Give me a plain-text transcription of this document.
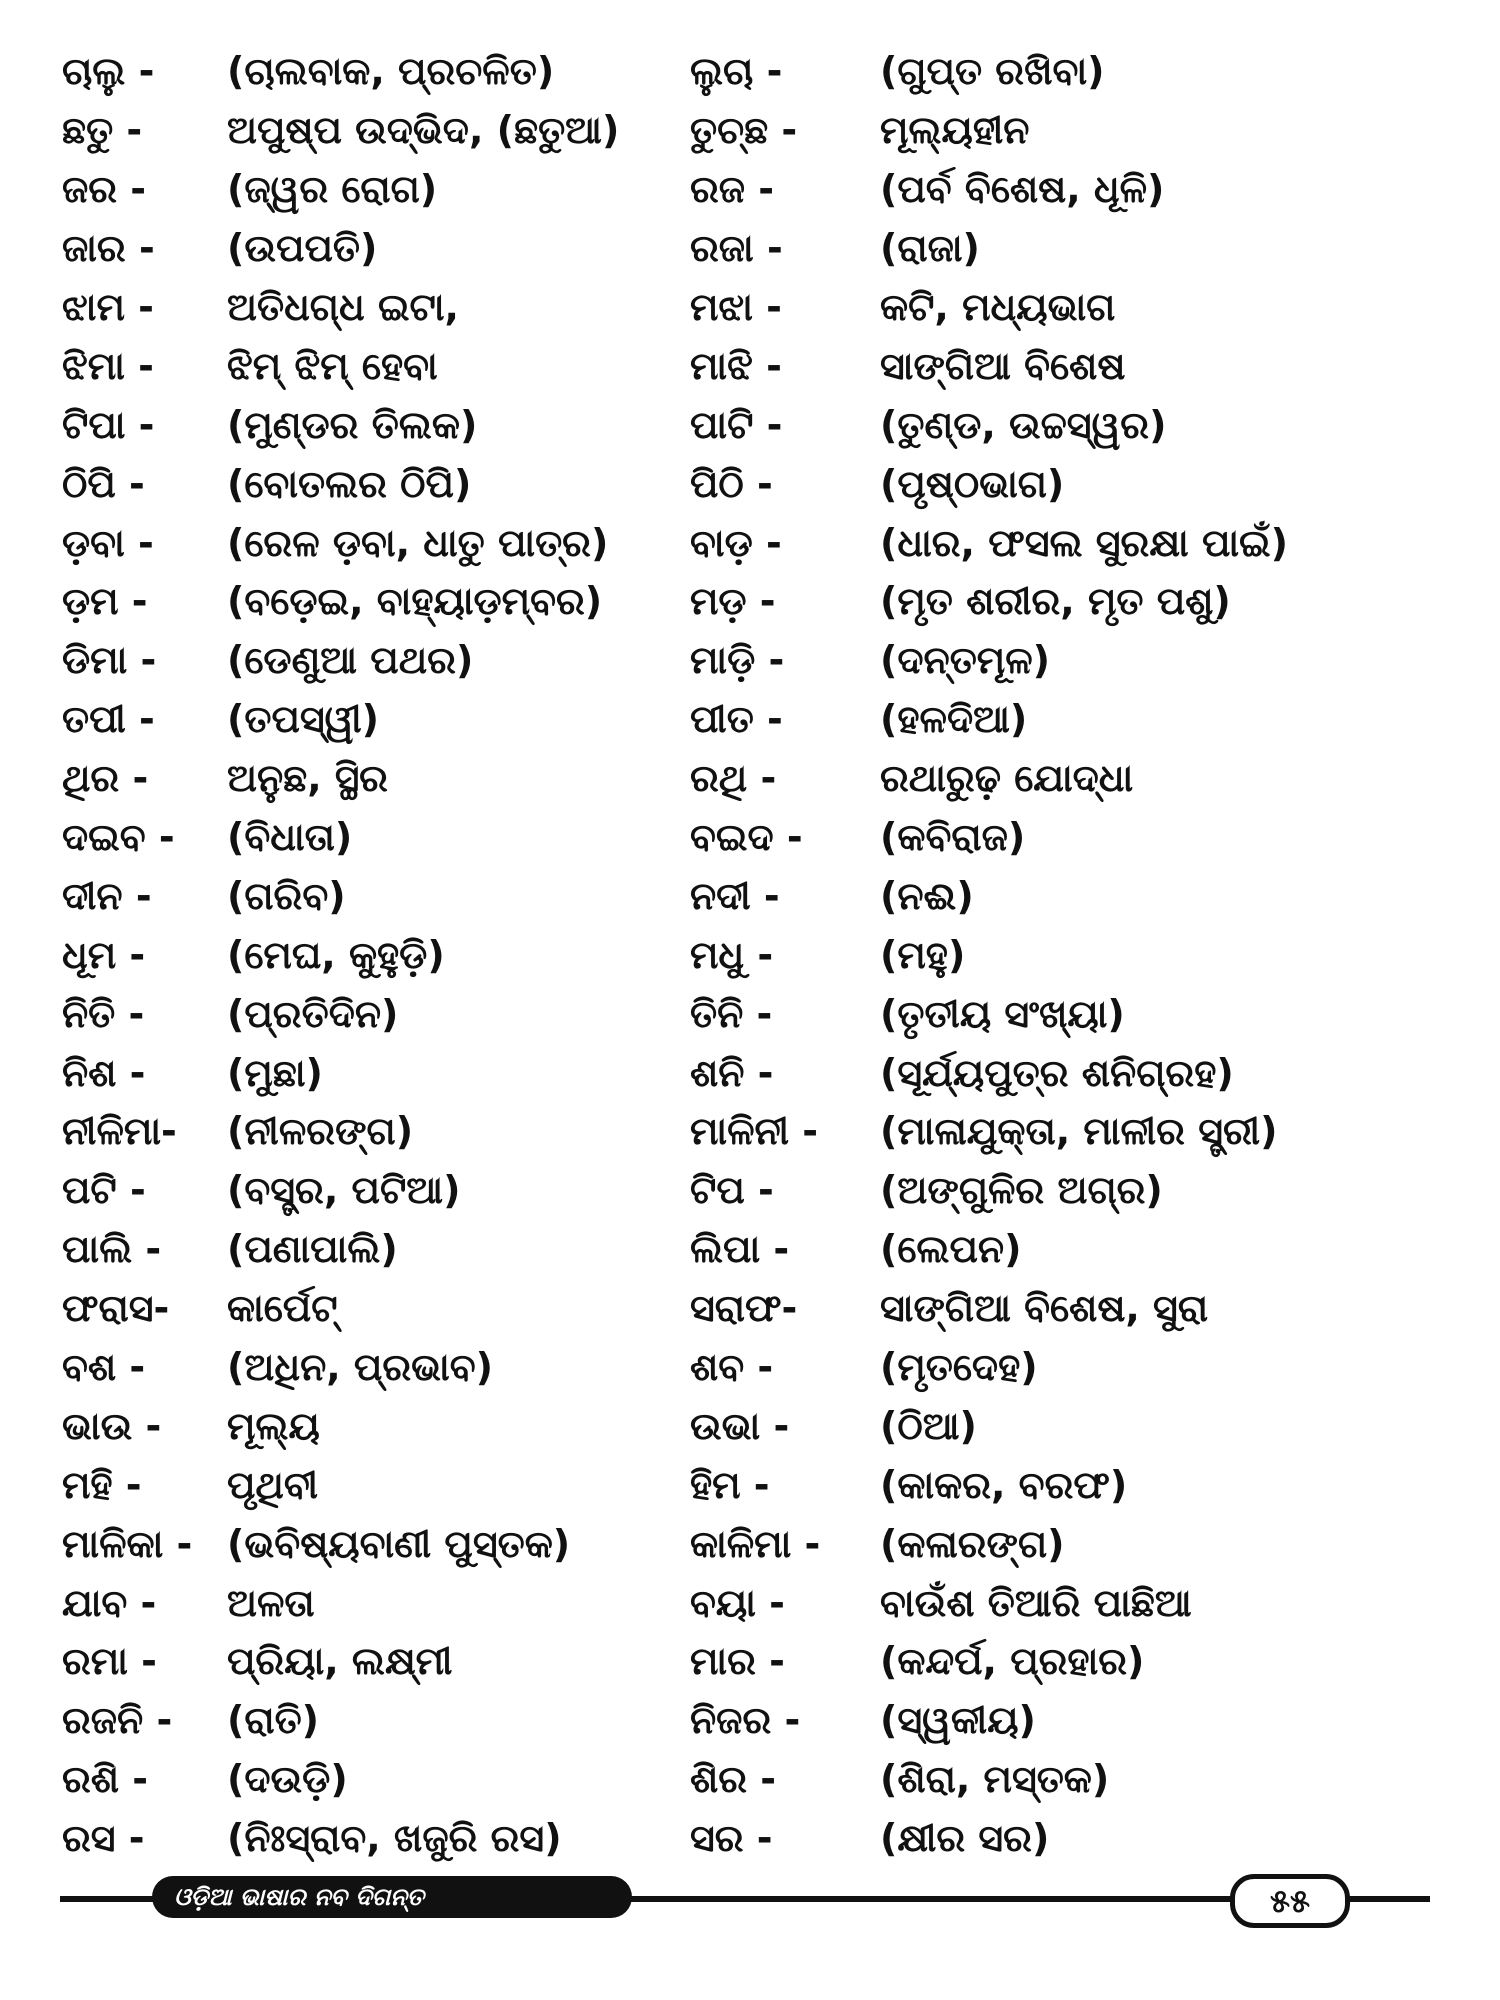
ଚାଲୁ -	(ଚାଲବାକ, ପ୍ରଚଳିତ)
ଛତୁ -	ଅପୁଷ୍ପ ଉଦ୍ଭିଦ, (ଛତୁଆ)
ଜର -	(ଜ୍ୱର ରୋଗ)
ଜାର -	(ଉପପତି)
ଝାମ -	ଅତିଧଗ୍ଧ ଇଟା,
ଝିମା -	ଝିମ୍ ଝିମ୍ ହେବା
ଟିପା -	(ମୁଣ୍ଡର ତିଲକ)
ଠିପି -	(ବୋତଲର ଠିପି)
ଡ଼ବା -	(ରେଳ ଡ଼ବା, ଧାତୁ ପାତ୍ର)
ଡ଼ମ -	(ବଡ଼େଇ, ବାହ୍ୟାଡ଼ମ୍ବର)
ଡିମା -	(ଡେଣୁଆ ପଥର)
ତପୀ -	(ତପସ୍ୱୀ)
ଥିର -	ଅନୁଛ, ସ୍ଥିର
ଦଇବ -	(ବିଧାତା)
ଦୀନ -	(ଗରିବ)
ଧୂମ -	(ମେଘ, କୁହୁଡ଼ି)
ନିତି -	(ପ୍ରତିଦିନ)
ନିଶ -	(ମୁଛା)
ନୀଳିମା-	(ନୀଳରଙ୍ଗ)
ପଟି -	(ବସ୍ତ୍ର, ପଟିଆ)
ପାଲି -	(ପଣାପାଲି)
ଫରାସ-	କାର୍ପେଟ୍
ବଶ -	(ଅଧିନ, ପ୍ରଭାବ)
ଭାଉ -	ମୂଲ୍ୟ
ମହି -	ପୃଥିବୀ
ମାଳିକା - (ଭବିଷ୍ୟବାଣୀ ପୁସ୍ତକ)
ଯାବ -	ଅଳତା
ରମା -	ପ୍ରିୟା, ଲକ୍ଷ୍ମୀ
ରଜନି -	(ରାତି)
ରଶି -	(ଦଉଡ଼ି)
ରସ -	(ନିଃସ୍ରାବ, ଖଜୁରି ରସ)
ଲୁଚା -	(ଗୁପ୍ତ ରଖିବା)
ତୁଚ୍ଛ -	ମୂଲ୍ୟହୀନ
ରଜ -	(ପର୍ବ ବିଶେଷ, ଧୂଳି)
ରଜା -	(ରାଜା)
ମଝା -	କଟି, ମଧ୍ୟଭାଗ
ମାଝି -	ସାଙ୍ଗିଆ ବିଶେଷ
ପାଟି -	(ତୁଣ୍ଡ, ଉଚ୍ଚସ୍ୱର)
ପିଠି -	(ପୃଷ୍ଠଭାଗ)
ବାଡ଼ -	(ଧାର, ଫସଲ ସୁରକ୍ଷା ପାଇଁ)
ମଡ଼ -	(ମୃତ ଶରୀର, ମୃତ ପଶୁ)
ମାଡ଼ି -	(ଦନ୍ତମୂଳ)
ପୀତ -	(ହଳଦିଆ)
ରଥି -	ରଥାରୁଢ଼ ଯୋଦ୍ଧା
ବଇଦ -	(କବିରାଜ)
ନଦୀ -	(ନଈ)
ମଧୁ -	(ମହୁ)
ତିନି -	(ତୃତୀୟ ସଂଖ୍ୟା)
ଶନି -	(ସୂର୍ଯ୍ୟପୁତ୍ର ଶନିଗ୍ରହ)
ମାଳିନୀ -	(ମାଳାଯୁକ୍ତା, ମାଳୀର ସ୍ତ୍ରୀ)
ଟିପ -	(ଅଙ୍ଗୁଳିର ଅଗ୍ର)
ଲିପା -	(ଲେପନ)
ସରାଫ-	ସାଙ୍ଗିଆ ବିଶେଷ, ସୁରା
ଶବ -	(ମୃତଦେହ)
ଉଭା -	(ଠିଆ)
ହିମ -	(କାକର, ବରଫ)
କାଳିମା -	(କଳାରଙ୍ଗ)
ବୟା -	ବାଉଁଶ ତିଆରି ପାଛିଆ
ମାର -	(କନ୍ଦର୍ପ, ପ୍ରହାର)
ନିଜର -	(ସ୍ୱକୀୟ)
ଶିର -	(ଶିରା, ମସ୍ତକ)
ସର -	(କ୍ଷୀର ସର)
ଓଡ଼ିଆ ଭାଷାର ନବ ଦିଗନ୍ତ	୫୫
